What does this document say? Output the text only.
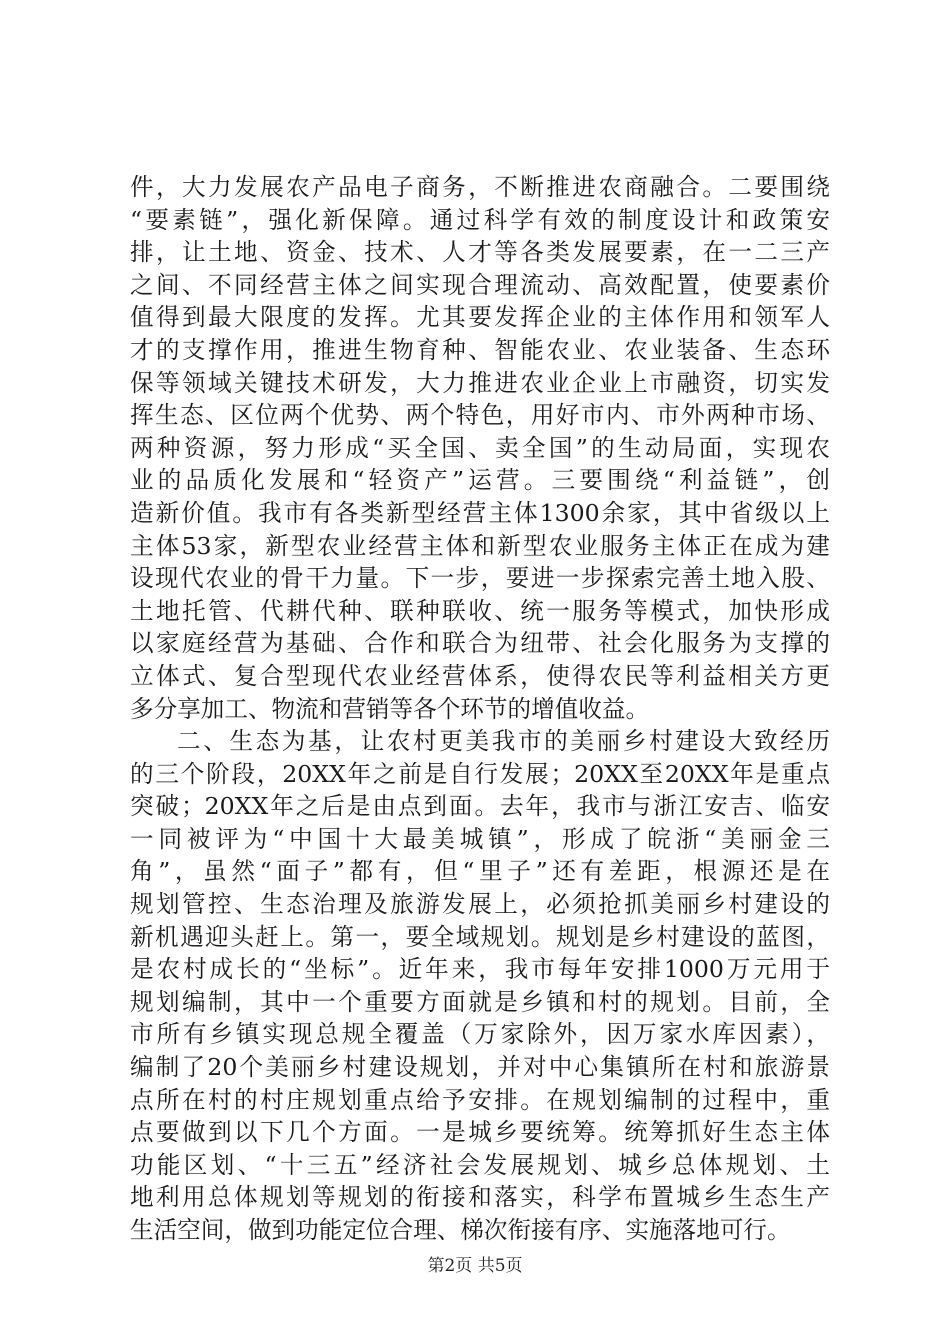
件，大力发展农产品电子商务，不断推进农商融合。二要围绕
“要素链”，强化新保障。通过科学有效的制度设计和政策安
排，让土地、资金、技术、人才等各类发展要素，在一二三产
之间、不同经营主体之间实现合理流动、高效配置，使要素价
值得到最大限度的发挥。尤其要发挥企业的主体作用和领军人
才的支撑作用，推进生物育种、智能农业、农业装备、生态环
保等领域关键技术研发，大力推进农业企业上市融资，切实发
挥生态、区位两个优势、两个特色，用好市内、市外两种市场、
两种资源，努力形成“买全国、卖全国”的生动局面，实现农
业的品质化发展和“轻资产”运营。三要围绕“利益链”，创
造新价值。我市有各类新型经营主体1300余家，其中省级以上
主体53家，新型农业经营主体和新型农业服务主体正在成为建
设现代农业的骨干力量。下一步，要进一步探索完善土地入股、
土地托管、代耕代种、联种联收、统一服务等模式，加快形成
以家庭经营为基础、合作和联合为纽带、社会化服务为支撑的
立体式、复合型现代农业经营体系，使得农民等利益相关方更
多分享加工、物流和营销等各个环节的增值收益。
二、生态为基，让农村更美我市的美丽乡村建设大致经历
的三个阶段，20XX年之前是自行发展；20XX至20XX年是重点
突破；20XX年之后是由点到面。去年，我市与浙江安吉、临安
一同被评为“中国十大最美城镇”，形成了皖浙“美丽金三
角”，虽然“面子”都有，但“里子”还有差距，根源还是在
规划管控、生态治理及旅游发展上，必须抢抓美丽乡村建设的
新机遇迎头赶上。第一，要全域规划。规划是乡村建设的蓝图，
是农村成长的“坐标”。近年来，我市每年安排1000万元用于
规划编制，其中一个重要方面就是乡镇和村的规划。目前，全
市所有乡镇实现总规全覆盖（万家除外，因万家水库因素），
编制了20个美丽乡村建设规划，并对中心集镇所在村和旅游景
点所在村的村庄规划重点给予安排。在规划编制的过程中，重
点要做到以下几个方面。一是城乡要统筹。统筹抓好生态主体
功能区划、“十三五”经济社会发展规划、城乡总体规划、土
地利用总体规划等规划的衔接和落实，科学布置城乡生态生产
生活空间，做到功能定位合理、梯次衔接有序、实施落地可行。
第2页 共5页
